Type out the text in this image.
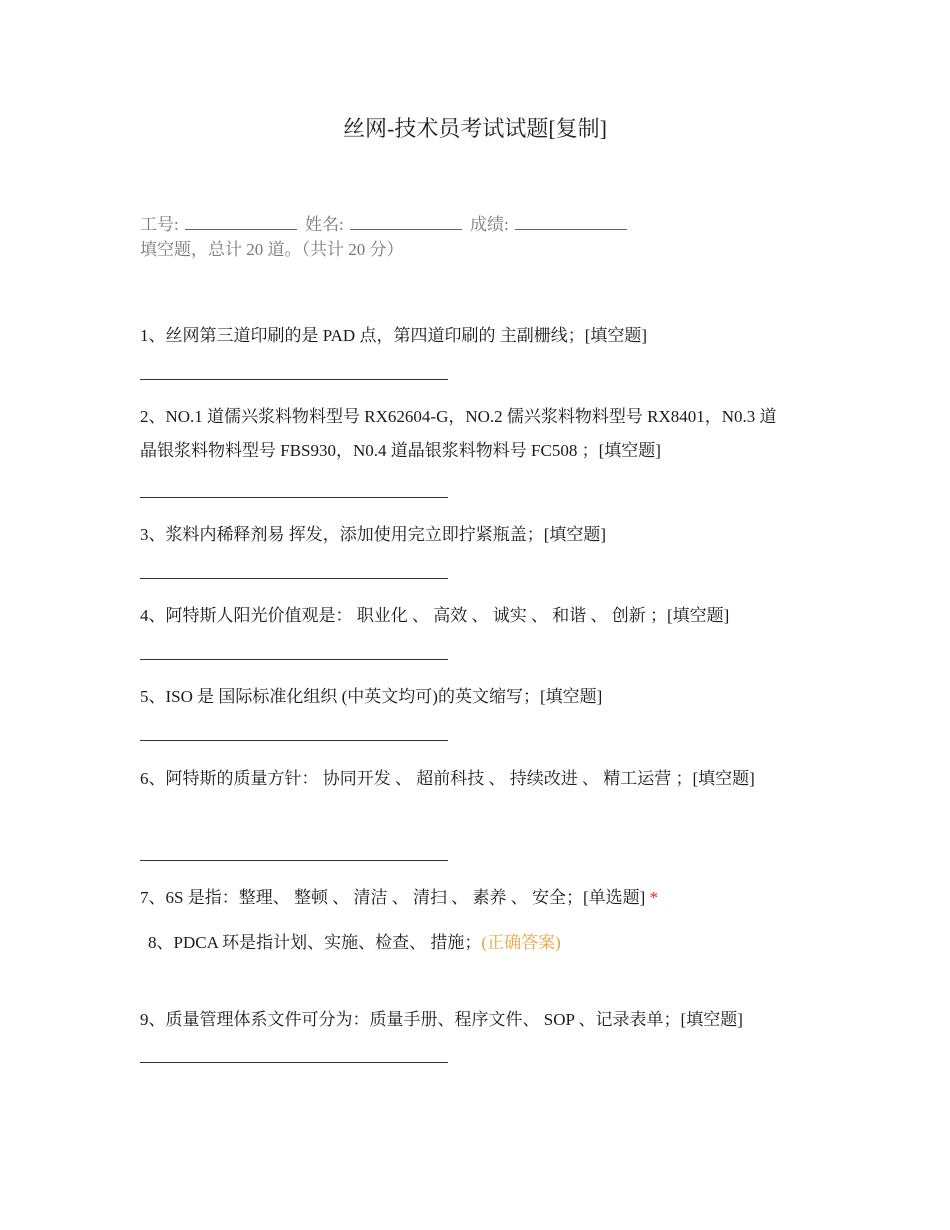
丝网-技术员考试试题[复制]
工号:	姓名:	成绩:
填空题，总计 20 道。（共计 20 分）
1、丝网第三道印刷的是 PAD 点，第四道印刷的 主副栅线；[填空题]
2、NO.1 道儒兴浆料物料型号 RX62604-G，NO.2 儒兴浆料物料型号 RX8401，N0.3 道晶银浆料物料型号 FBS930，N0.4 道晶银浆料物料号 FC508 ；[填空题]
3、浆料内稀释剂易 挥发，添加使用完立即拧紧瓶盖；[填空题]
4、阿特斯人阳光价值观是： 职业化 、 高效 、 诚实 、 和谐 、 创新 ；[填空题]
5、ISO 是 国际标准化组织 (中英文均可)的英文缩写；[填空题]
6、阿特斯的质量方针： 协同开发 、 超前科技 、 持续改进 、 精工运营 ；[填空题]
7、6S 是指：整理、 整顿 、 清洁 、 清扫 、 素养 、 安全；[单选题] *
8、PDCA 环是指计划、实施、检查、 措施；(正确答案)
9、质量管理体系文件可分为：质量手册、程序文件、 SOP 、记录表单；[填空题]
